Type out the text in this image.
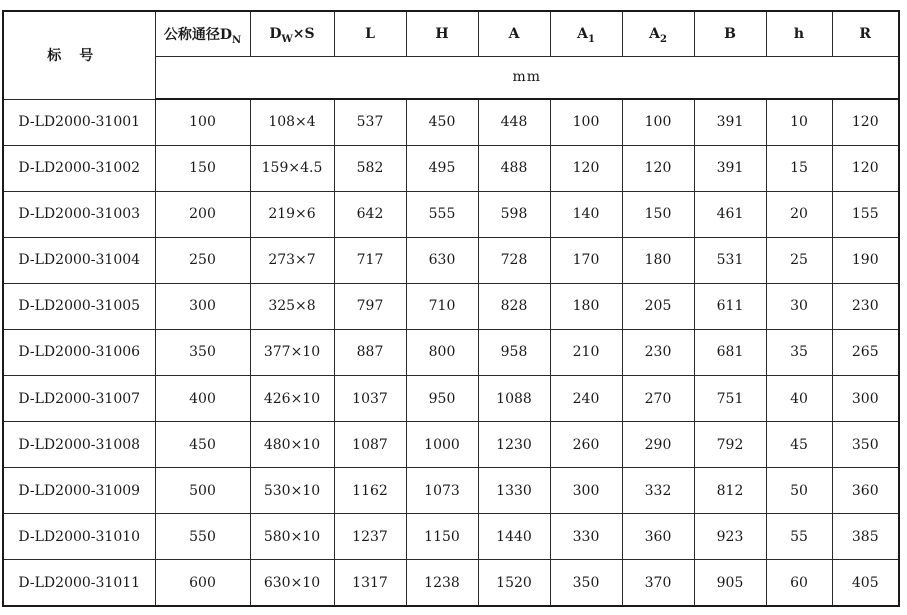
标号	公称通径$D_N$	$D_W\times S$	L	H	A	$A_1$	$A_2$	B	h	R
	mm									
D-LD2000-31001	100	108×4	537	450	448	100	100	391	10	120
D-LD2000-31002	150	159×4.5	582	495	488	120	120	391	15	120
D-LD2000-31003	200	219×6	642	555	598	140	150	461	20	155
D-LD2000-31004	250	273×7	717	630	728	170	180	531	25	190
D-LD2000-31005	300	325×8	797	710	828	180	205	611	30	230
D-LD2000-31006	350	377×10	887	800	958	210	230	681	35	265
D-LD2000-31007	400	426×10	1037	950	1088	240	270	751	40	300
D-LD2000-31008	450	480×10	1087	1000	1230	260	290	792	45	350
D-LD2000-31009	500	530×10	1162	1073	1330	300	332	812	50	360
D-LD2000-31010	550	580×10	1237	1150	1440	330	360	923	55	385
D-LD2000-31011	600	630×10	1317	1238	1520	350	370	905	60	405
